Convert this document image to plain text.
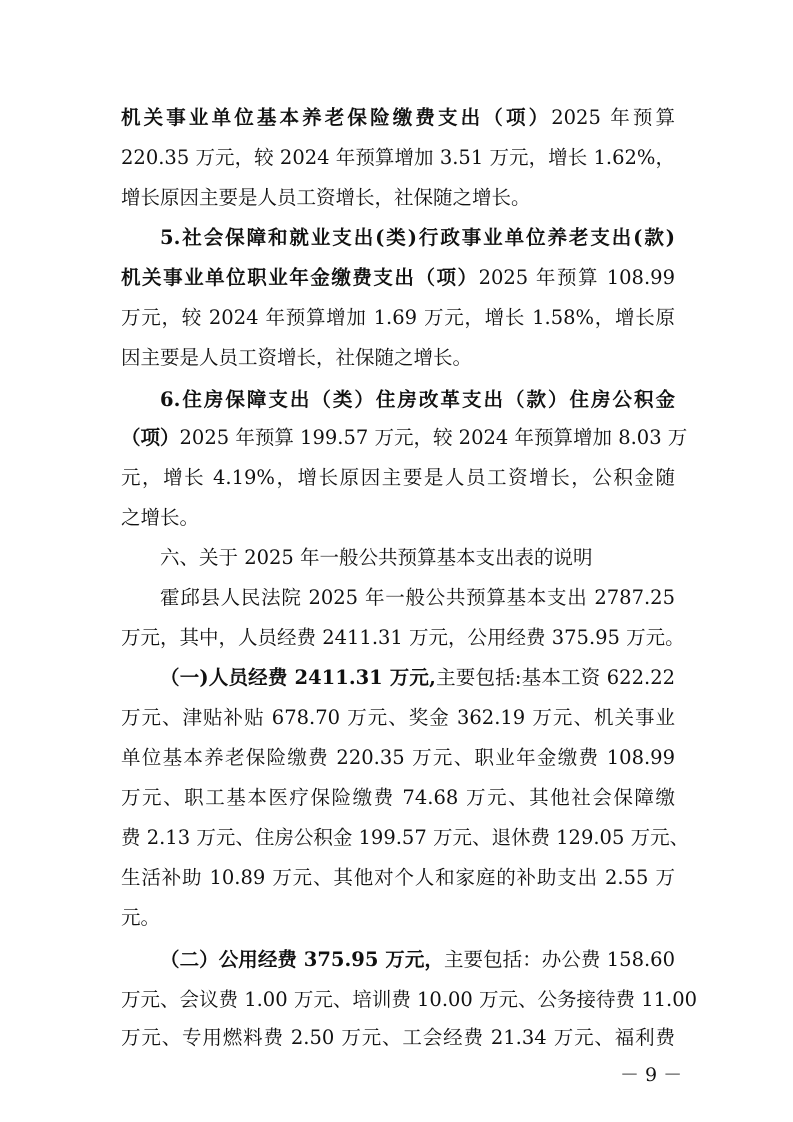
机关事业单位基本养老保险缴费支出（项）2025 年预算
220.35 万元，较 2024 年预算增加 3.51 万元，增长 1.62%，
增长原因主要是人员工资增长，社保随之增长。
5.社会保障和就业支出(类)行政事业单位养老支出(款)
机关事业单位职业年金缴费支出（项）2025 年预算 108.99
万元，较 2024 年预算增加 1.69 万元，增长 1.58%，增长原
因主要是人员工资增长，社保随之增长。
6.住房保障支出（类）住房改革支出（款）住房公积金
（项）2025 年预算 199.57 万元，较 2024 年预算增加 8.03 万
元，增长 4.19%，增长原因主要是人员工资增长，公积金随
之增长。
六、关于 2025 年一般公共预算基本支出表的说明
霍邱县人民法院 2025 年一般公共预算基本支出 2787.25
万元，其中，人员经费 2411.31 万元，公用经费 375.95 万元。
（一)人员经费 2411.31 万元,主要包括:基本工资 622.22
万元、津贴补贴 678.70 万元、奖金 362.19 万元、机关事业
单位基本养老保险缴费 220.35 万元、职业年金缴费 108.99
万元、职工基本医疗保险缴费 74.68 万元、其他社会保障缴
费 2.13 万元、住房公积金 199.57 万元、退休费 129.05 万元、
生活补助 10.89 万元、其他对个人和家庭的补助支出 2.55 万
元。
（二）公用经费 375.95 万元，主要包括：办公费 158.60
万元、会议费 1.00 万元、培训费 10.00 万元、公务接待费 11.00
万元、专用燃料费 2.50 万元、工会经费 21.34 万元、福利费
－ 9 －
